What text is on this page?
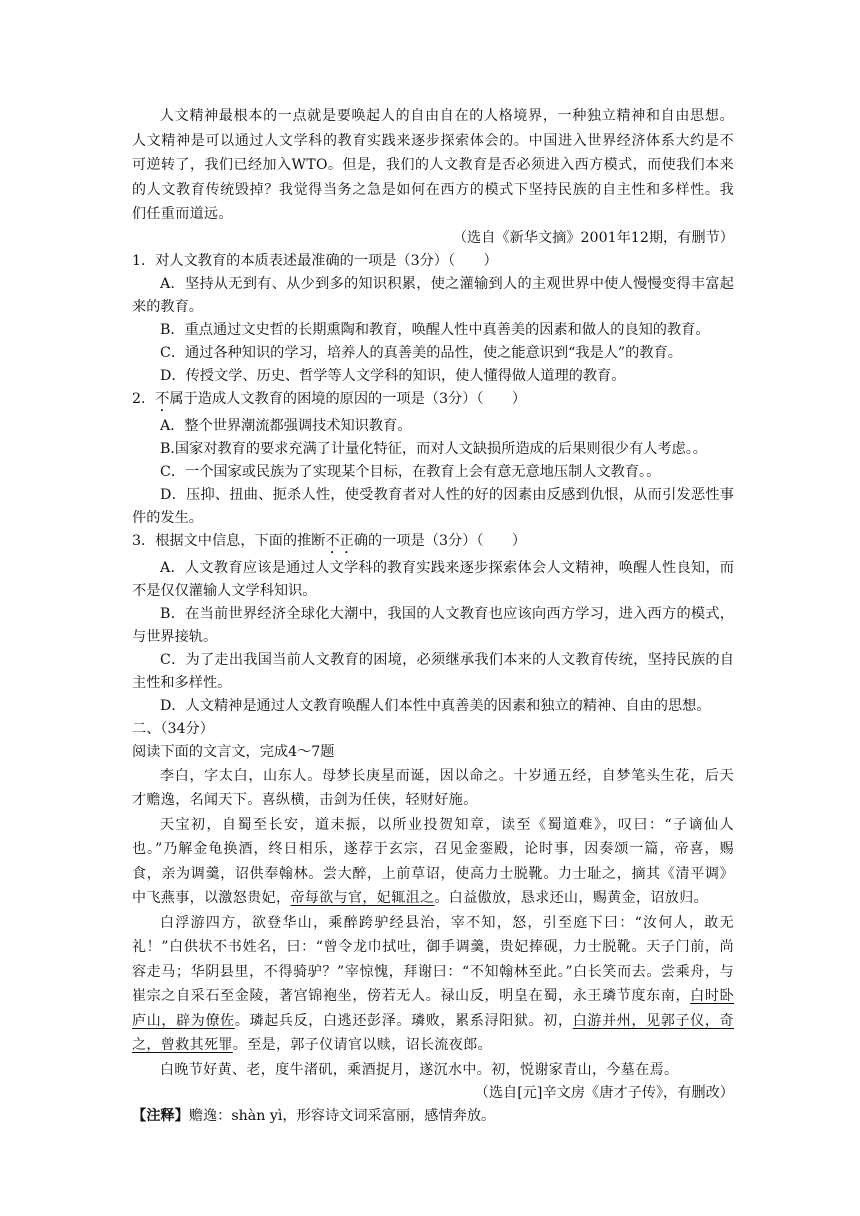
人文精神最根本的一点就是要唤起人的自由自在的人格境界，一种独立精神和自由思想。人文精神是可以通过人文学科的教育实践来逐步探索体会的。中国进入世界经济体系大约是不可逆转了，我们已经加入WTO。但是，我们的人文教育是否必须进入西方模式，而使我们本来的人文教育传统毁掉？我觉得当务之急是如何在西方的模式下坚持民族的自主性和多样性。我们任重而道远。

（选自《新华文摘》2001年12期，有删节）

1．对人文教育的本质表述最准确的一项是（3分）（　　）

A．坚持从无到有、从少到多的知识积累，使之灌输到人的主观世界中使人慢慢变得丰富起来的教育。

B．重点通过文史哲的长期熏陶和教育，唤醒人性中真善美的因素和做人的良知的教育。

C．通过各种知识的学习，培养人的真善美的品性，使之能意识到“我是人”的教育。

D．传授文学、历史、哲学等人文学科的知识，使人懂得做人道理的教育。

2．不属于造成人文教育的困境的原因的一项是（3分）（　　）

A．整个世界潮流都强调技术知识教育。

B.国家对教育的要求充满了计量化特征，而对人文缺损所造成的后果则很少有人考虑。。

C．一个国家或民族为了实现某个目标，在教育上会有意无意地压制人文教育。。

D．压抑、扭曲、扼杀人性，使受教育者对人性的好的因素由反感到仇恨，从而引发恶性事件的发生。

3．根据文中信息，下面的推断不正确的一项是（3分）（　　）

A．人文教育应该是通过人文学科的教育实践来逐步探索体会人文精神，唤醒人性良知，而不是仅仅灌输人文学科知识。

B．在当前世界经济全球化大潮中，我国的人文教育也应该向西方学习，进入西方的模式，与世界接轨。

C．为了走出我国当前人文教育的困境，必须继承我们本来的人文教育传统，坚持民族的自主性和多样性。

D．人文精神是通过人文教育唤醒人们本性中真善美的因素和独立的精神、自由的思想。

二、（34分）

阅读下面的文言文，完成4～7题

李白，字太白，山东人。母梦长庚星而诞，因以命之。十岁通五经，自梦笔头生花，后天才赡逸，名闻天下。喜纵横，击剑为任侠，轻财好施。

天宝初，自蜀至长安，道未振，以所业投贺知章，读至《蜀道难》，叹曰：“子谪仙人也。”乃解金龟换酒，终日相乐，遂荐于玄宗，召见金銮殿，论时事，因奏颂一篇，帝喜，赐食，亲为调羹，诏供奉翰林。尝大醉，上前草诏，使高力士脱靴。力士耻之，摘其《清平调》中飞燕事，以激怒贵妃，帝每欲与官，妃辄沮之。白益傲放，恳求还山，赐黄金，诏放归。

白浮游四方，欲登华山，乘醉跨驴经县治，宰不知，怒，引至庭下曰：“汝何人，敢无礼！”白供状不书姓名，曰：“曾令龙巾拭吐，御手调羹，贵妃捧砚，力士脱靴。天子门前，尚容走马；华阴县里，不得骑驴？”宰惊愧，拜谢曰：“不知翰林至此。”白长笑而去。尝乘舟，与崔宗之自采石至金陵，著宫锦袍坐，傍若无人。禄山反，明皇在蜀，永王璘节度东南，白时卧庐山，辟为僚佐。璘起兵反，白逃还彭泽。璘败，累系浔阳狱。初，白游并州，见郭子仪，奇之，曾救其死罪。至是，郭子仪请官以赎，诏长流夜郎。

白晚节好黄、老，度牛渚矶，乘酒捉月，遂沉水中。初，悦谢家青山，今墓在焉。

（选自[元]辛文房《唐才子传》，有删改）

【注释】赡逸：shàn yì，形容诗文词采富丽，感情奔放。
